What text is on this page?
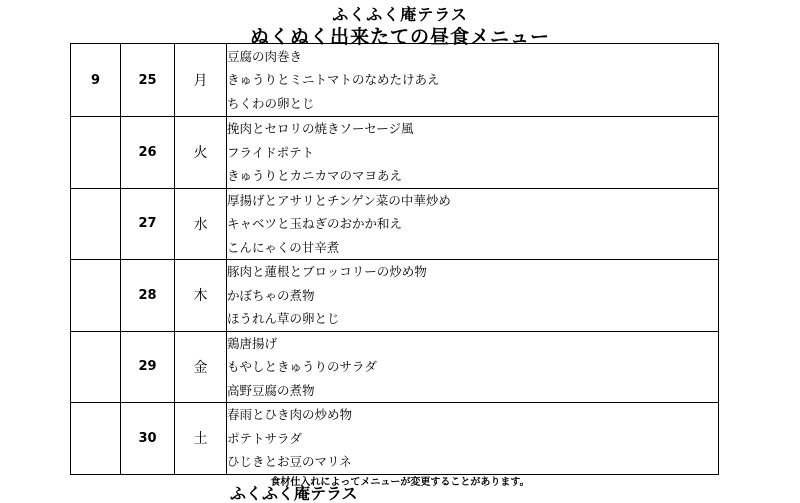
ふくふく庵テラス
ぬくぬく出来たての昼食メニュー
9	25	月	豆腐の肉巻き
きゅうりとミニトマトのなめたけあえ
ちくわの卵とじ

	26	火	挽肉とセロリの焼きソーセージ風
フライドポテト
きゅうりとカニカマのマヨあえ

	27	水	厚揚げとアサリとチンゲン菜の中華炒め
キャベツと玉ねぎのおかか和え
こんにゃくの甘辛煮

	28	木	豚肉と蓮根とブロッコリーの炒め物
かぼちゃの煮物
ほうれん草の卵とじ

	29	金	鶏唐揚げ
もやしときゅうりのサラダ
高野豆腐の煮物

	30	土	春雨とひき肉の炒め物
ポテトサラダ
ひじきとお豆のマリネ
食材仕入れによってメニューが変更することがあります。
ふくふく庵テラス
